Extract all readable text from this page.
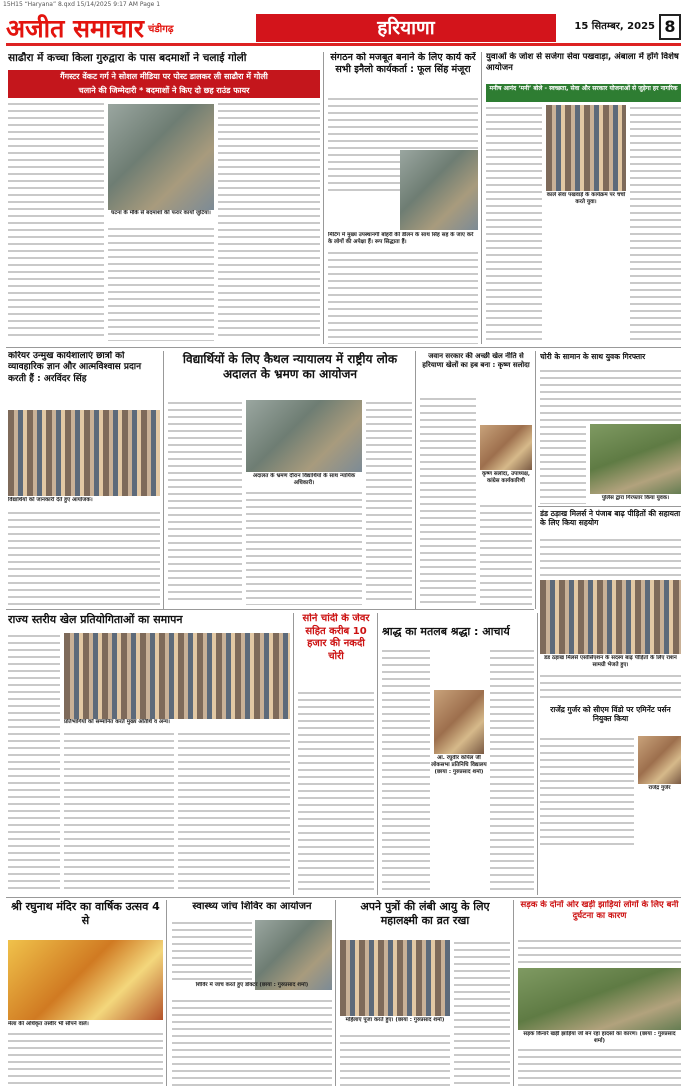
15H15 “Haryana” 8.qxd 15/14/2025 9:17 AM Page 1
अजीत समाचार चंडीगढ़	हरियाणा	15 सितम्बर, 2025 8
साढौरा में कच्चा किला गुरुद्वारा के पास बदमाशों ने चलाई गोली
गैंगस्टर वेंकट गर्ग ने सोशल मीडिया पर पोस्ट डालकर ली साढौरा में गोली
चलाने की जिम्मेदारी * बदमाशों ने किए दो छह राउंड फायर
घटना के मौके से बदमाशों की फरार कार्यों जुटिया।
संगठन को मजबूत बनाने के लिए कार्य करें सभी इनैलो कार्यकर्ता : फूल सिंह मंजूरा
मिटिंग में मुख्य उपस्थानगी बोहरी कीं डीलन के साथ सिंह सह के जाए करे के लोगों की अपेक्षा हैं। रूप सिद्धाता हैं।
युवाओं के जोश से सजेगा सेवा पखवाड़ा, अंबाला में होंगे विशेष आयोजन
मनीष आनंद ‘मनी’ बोले - स्वच्छता, सेवा और सरकार योजनाओं से जुड़ेगा हर नागरिक
काले सेवा पखवाड़े के कार्यक्रम पर चर्चा करते युवा।
करियर उन्मुख कार्यशालाएं छात्रों को व्यावहारिक ज्ञान और आत्मविश्वास प्रदान करती हैं : अरविंदर सिंह
विद्यार्थियों को जानकारी देते हुए आयोजक।
विद्यार्थियों के लिए कैथल न्यायालय में राष्ट्रीय लोक अदालत के भ्रमण का आयोजन
अदालत के भ्रमण दौरान विद्यार्थियों के साथ न्यायिक अधिकारी।
जवान सरकार की अच्छी खेल नीति से हरियाणा खेलों का हब बना : कृष्ण सलोदा
कृष्ण सलोदा, उपाध्यक्ष, कांग्रेस कार्यकारिणी
चोरी के सामान के साथ युवक गिरफ्तार
पुलिस द्वारा गिरफ्तार किया युवक।
डंड ठड़ाख मिलर्स ने पंजाब बाढ़ पीड़ितों की सहायता के लिए किया सहयोग
डंड ठड़ाख मिलर्स एसोसिएशन के सदस्य बाढ़ पीड़ितों के लिए राशन सामग्री भेजते हुए।
राज्य स्तरीय खेल प्रतियोगिताओं का समापन
प्रतिभागियों को सम्मानित करते मुख्य अतिथि व अन्य।
सोने चांदी के जेवर सहित करीब 10 हजार की नकदी चोरी
श्राद्ध का मतलब श्रद्धा : आचार्य
आ. रघुवीर कपिल जी लोकसभा प्रतिनिधि विद्यालय
(छाया : गुरुप्रसाद शर्मा)
राजेंद्र गुर्जर को सीएम विंडो पर एमिनेंट पर्सन नियुक्त किया
राजेंद्र गुर्जर
श्री रघुनाथ मंदिर का वार्षिक उत्सव 4 से
मेला की अधिकृत तस्वीर भी सौंपने वाले।
स्वास्थ्य जांच शिविर का आयोजन
शिविर में जांच करते हुए डॉक्टर (छाया : गुरुप्रसाद शर्मा)
अपने पुत्रों की लंबी आयु के लिए महालक्ष्मी का व्रत रखा
महिलाएं पूजा करते हुए। (छाया : गुरुप्रसाद शर्मा)
सड़क के दोनों ओर खड़ी झाड़ियां लोगों के लिए बनी दुर्घटना का कारण
सड़क किनारे खड़ी झाड़ियां जो बन रहा हादसों का कारण। (छाया : गुरुप्रसाद शर्मा)
